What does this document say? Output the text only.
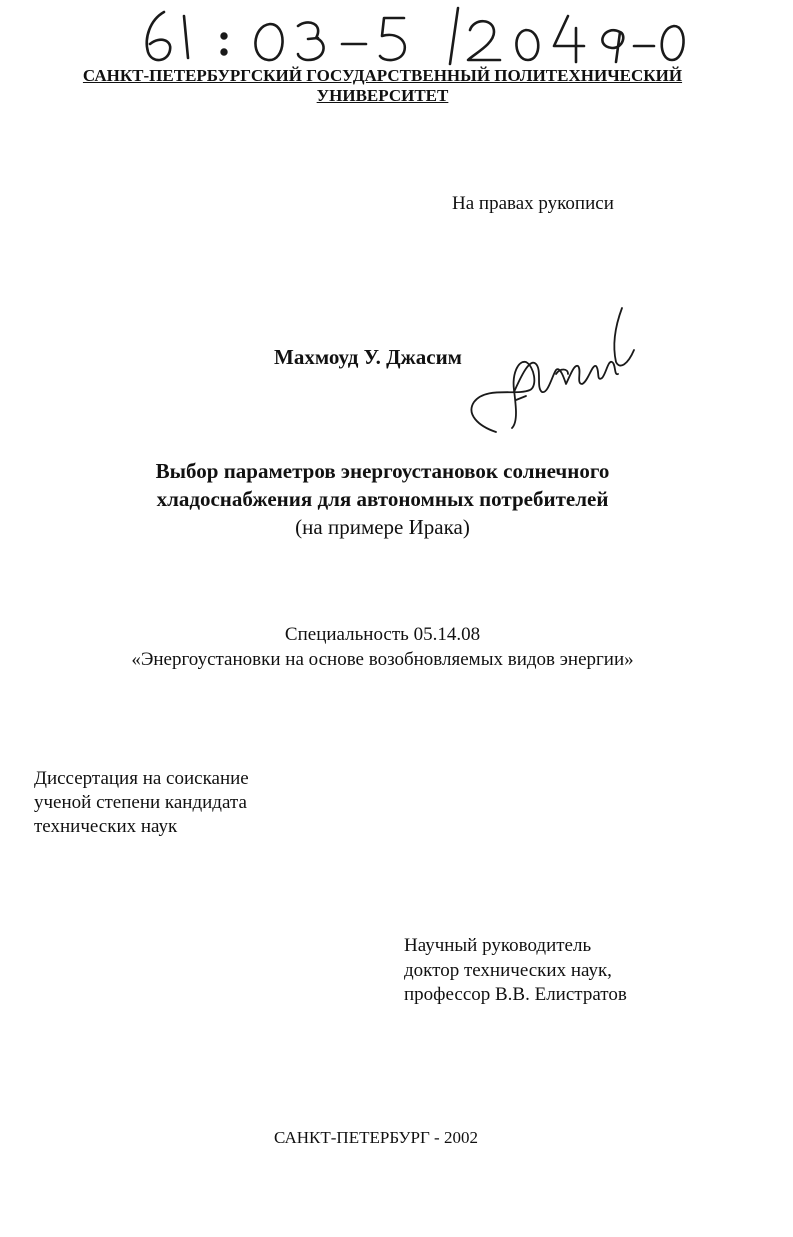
САНКТ-ПЕТЕРБУРГСКИЙ ГОСУДАРСТВЕННЫЙ ПОЛИТЕХНИЧЕСКИЙ
УНИВЕРСИТЕТ
На правах рукописи
Махмоуд У. Джасим
Выбор параметров энергоустановок солнечного
хладоснабжения для автономных потребителей
(на примере Ирака)
Специальность 05.14.08
«Энергоустановки на основе возобновляемых видов энергии»
Диссертация на соискание
ученой степени кандидата
технических наук
Научный руководитель
доктор технических наук,
профессор В.В. Елистратов
САНКТ-ПЕТЕРБУРГ - 2002
